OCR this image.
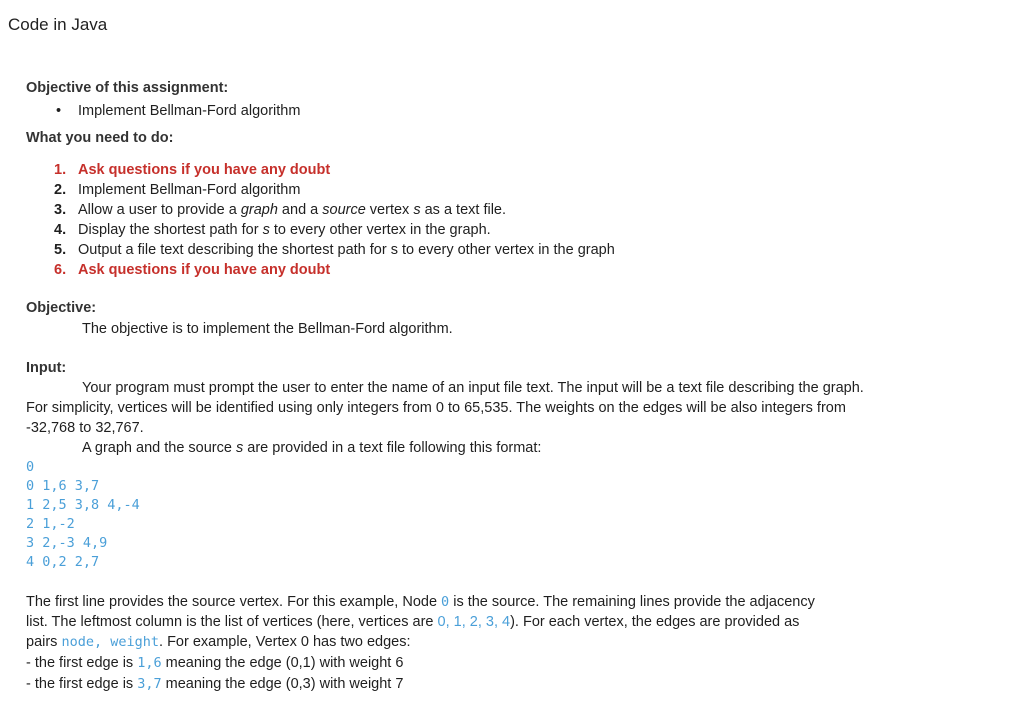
Code in Java
Objective of this assignment:
• Implement Bellman-Ford algorithm
What you need to do:
1. Ask questions if you have any doubt
2. Implement Bellman-Ford algorithm
3. Allow a user to provide a graph and a source vertex s as a text file.
4. Display the shortest path for s to every other vertex in the graph.
5. Output a file text describing the shortest path for s to every other vertex in the graph
6. Ask questions if you have any doubt
Objective:
The objective is to implement the Bellman-Ford algorithm.
Input:
Your program must prompt the user to enter the name of an input file text. The input will be a text file describing the graph. For simplicity, vertices will be identified using only integers from 0 to 65,535. The weights on the edges will be also integers from -32,768 to 32,767.
A graph and the source s are provided in a text file following this format:
0
0 1,6 3,7
1 2,5 3,8 4,-4
2 1,-2
3 2,-3 4,9
4 0,2 2,7
The first line provides the source vertex. For this example, Node 0 is the source. The remaining lines provide the adjacency
list. The leftmost column is the list of vertices (here, vertices are 0, 1, 2, 3, 4). For each vertex, the edges are provided as
pairs node, weight. For example, Vertex 0 has two edges:
- the first edge is 1,6 meaning the edge (0,1) with weight 6
- the first edge is 3,7 meaning the edge (0,3) with weight 7
